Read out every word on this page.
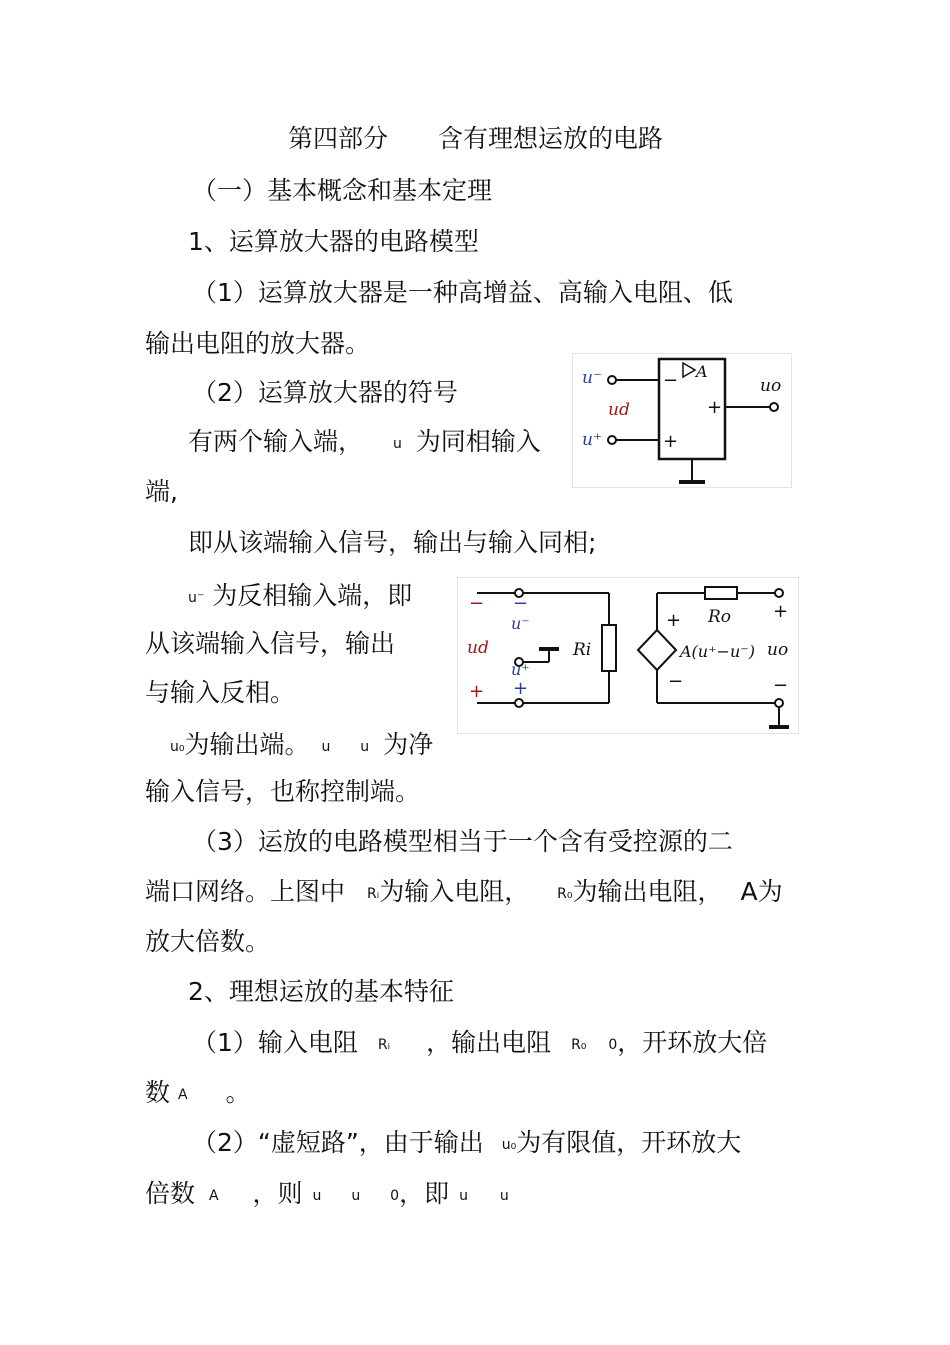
第四部分　　含有理想运放的电路
（一）基本概念和基本定理
1、运算放大器的电路模型
（1）运算放大器是一种高增益、高输入电阻、低
输出电阻的放大器。
（2）运算放大器的符号
有两个输入端， u 为同相输入
端,
即从该端输入信号，输出与输入同相;
u⁻ 为反相输入端，即
从该端输入信号，输出
与输入反相。
u₀为输出端。 u u 为净
输入信号，也称控制端。
（3）运放的电路模型相当于一个含有受控源的二
端口网络。上图中 Rᵢ为输入电阻， R₀为输出电阻， A为
放大倍数。
2、理想运放的基本特征
（1）输入电阻 Rᵢ ，输出电阻 R₀ 0，开环放大倍
数 A 。
（2）“虚短路”，由于输出 u₀为有限值，开环放大
倍数 A ，则 u u 0，即 u u
A
−
+
+
u⁻
u⁺
ud
uo
−
+
ud
−
u⁻
u⁺
+
Ri
Ro
+
−
A(u⁺−u⁻)
+
uo
−
